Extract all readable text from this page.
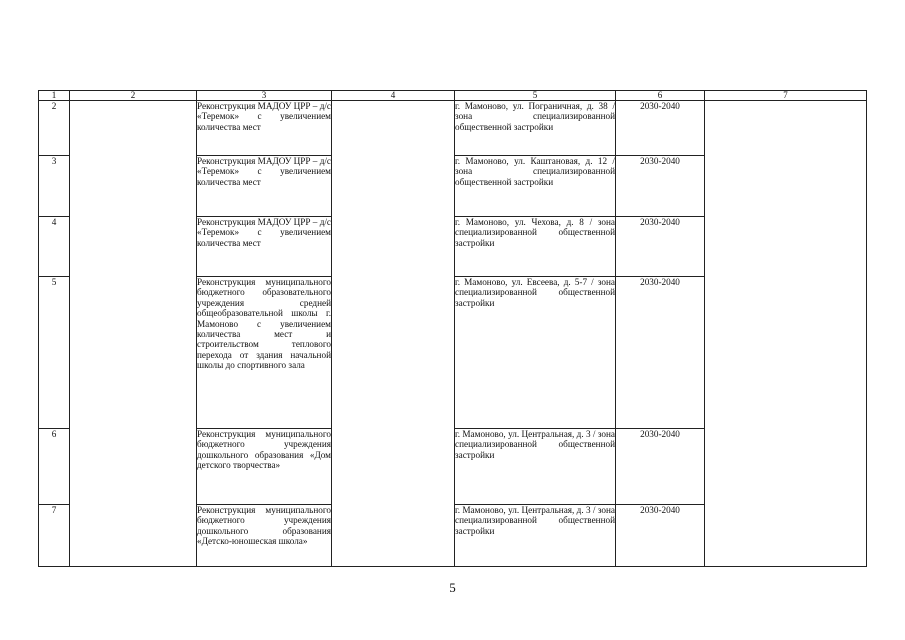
1	2	3	4	5	6	7
2		Реконструкция МАДОУ ЦРР – д/с «Теремок» с увеличением количества мест		г. Мамоново, ул. Пограничная, д. 38 / зона специализированной общественной застройки	2030-2040	
3		Реконструкция МАДОУ ЦРР – д/с «Теремок» с увеличением количества мест		г. Мамоново, ул. Каштановая, д. 12 / зона специализированной общественной застройки	2030-2040	
4		Реконструкция МАДОУ ЦРР – д/с «Теремок» с увеличением количества мест		г. Мамоново, ул. Чехова, д. 8 / зона специализированной общественной застройки	2030-2040	
5		Реконструкция муниципального бюджетного образовательного учреждения средней общеобразовательной школы г. Мамоново с увеличением количества мест и строительством теплового перехода от здания начальной школы до спортивного зала		г. Мамоново, ул. Евсеева, д. 5-7 / зона специализированной общественной застройки	2030-2040	
6		Реконструкция муниципального бюджетного учреждения дошкольного образования «Дом детского творчества»		г. Мамоново, ул. Центральная, д. 3 / зона специализированной общественной застройки	2030-2040	
7		Реконструкция муниципального бюджетного учреждения дошкольного образования «Детско-юношеская школа»		г. Мамоново, ул. Центральная, д. 3 / зона специализированной общественной застройки	2030-2040	
5
